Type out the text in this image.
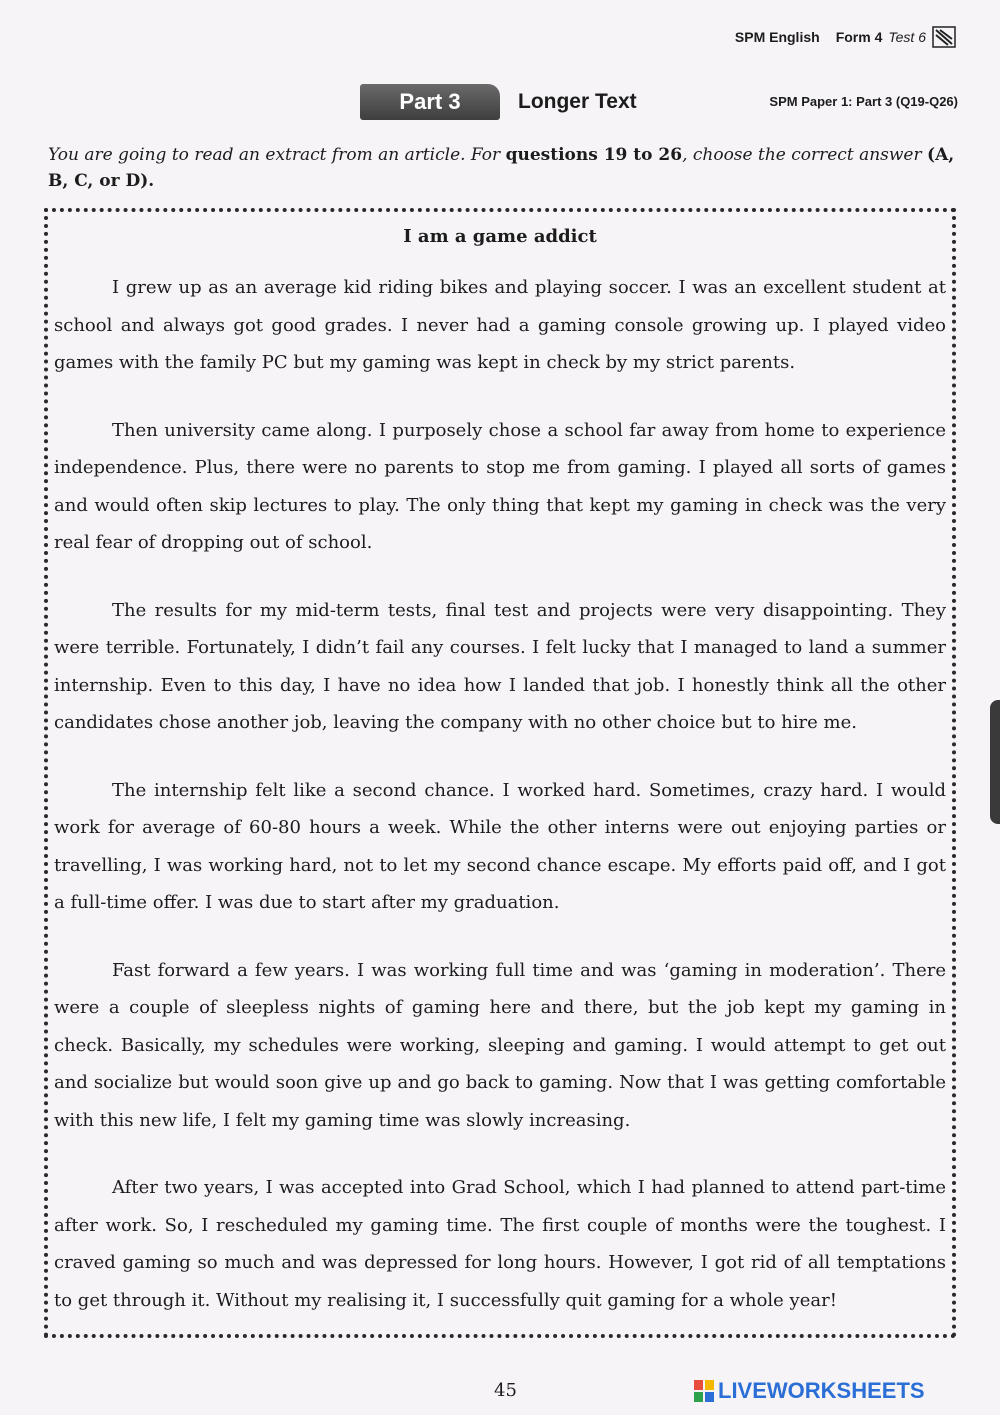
SPM English Form 4 Test 6
Part 3	Longer Text	SPM Paper 1: Part 3 (Q19-Q26)
You are going to read an extract from an article. For questions 19 to 26, choose the correct answer (A, B, C, or D).
I am a game addict

I grew up as an average kid riding bikes and playing soccer. I was an excellent student at school and always got good grades. I never had a gaming console growing up. I played video games with the family PC but my gaming was kept in check by my strict parents.

Then university came along. I purposely chose a school far away from home to experience independence. Plus, there were no parents to stop me from gaming. I played all sorts of games and would often skip lectures to play. The only thing that kept my gaming in check was the very real fear of dropping out of school.

The results for my mid-term tests, final test and projects were very disappointing. They were terrible. Fortunately, I didn’t fail any courses. I felt lucky that I managed to land a summer internship. Even to this day, I have no idea how I landed that job. I honestly think all the other candidates chose another job, leaving the company with no other choice but to hire me.

The internship felt like a second chance. I worked hard. Sometimes, crazy hard. I would work for average of 60-80 hours a week. While the other interns were out enjoying parties or travelling, I was working hard, not to let my second chance escape. My efforts paid off, and I got a full-time offer. I was due to start after my graduation.

Fast forward a few years. I was working full time and was ‘gaming in moderation’. There were a couple of sleepless nights of gaming here and there, but the job kept my gaming in check. Basically, my schedules were working, sleeping and gaming. I would attempt to get out and socialize but would soon give up and go back to gaming. Now that I was getting comfortable with this new life, I felt my gaming time was slowly increasing.

After two years, I was accepted into Grad School, which I had planned to attend part-time after work. So, I rescheduled my gaming time. The first couple of months were the toughest. I craved gaming so much and was depressed for long hours. However, I got rid of all temptations to get through it. Without my realising it, I successfully quit gaming for a whole year!

45	LIVEWORKSHEETS
